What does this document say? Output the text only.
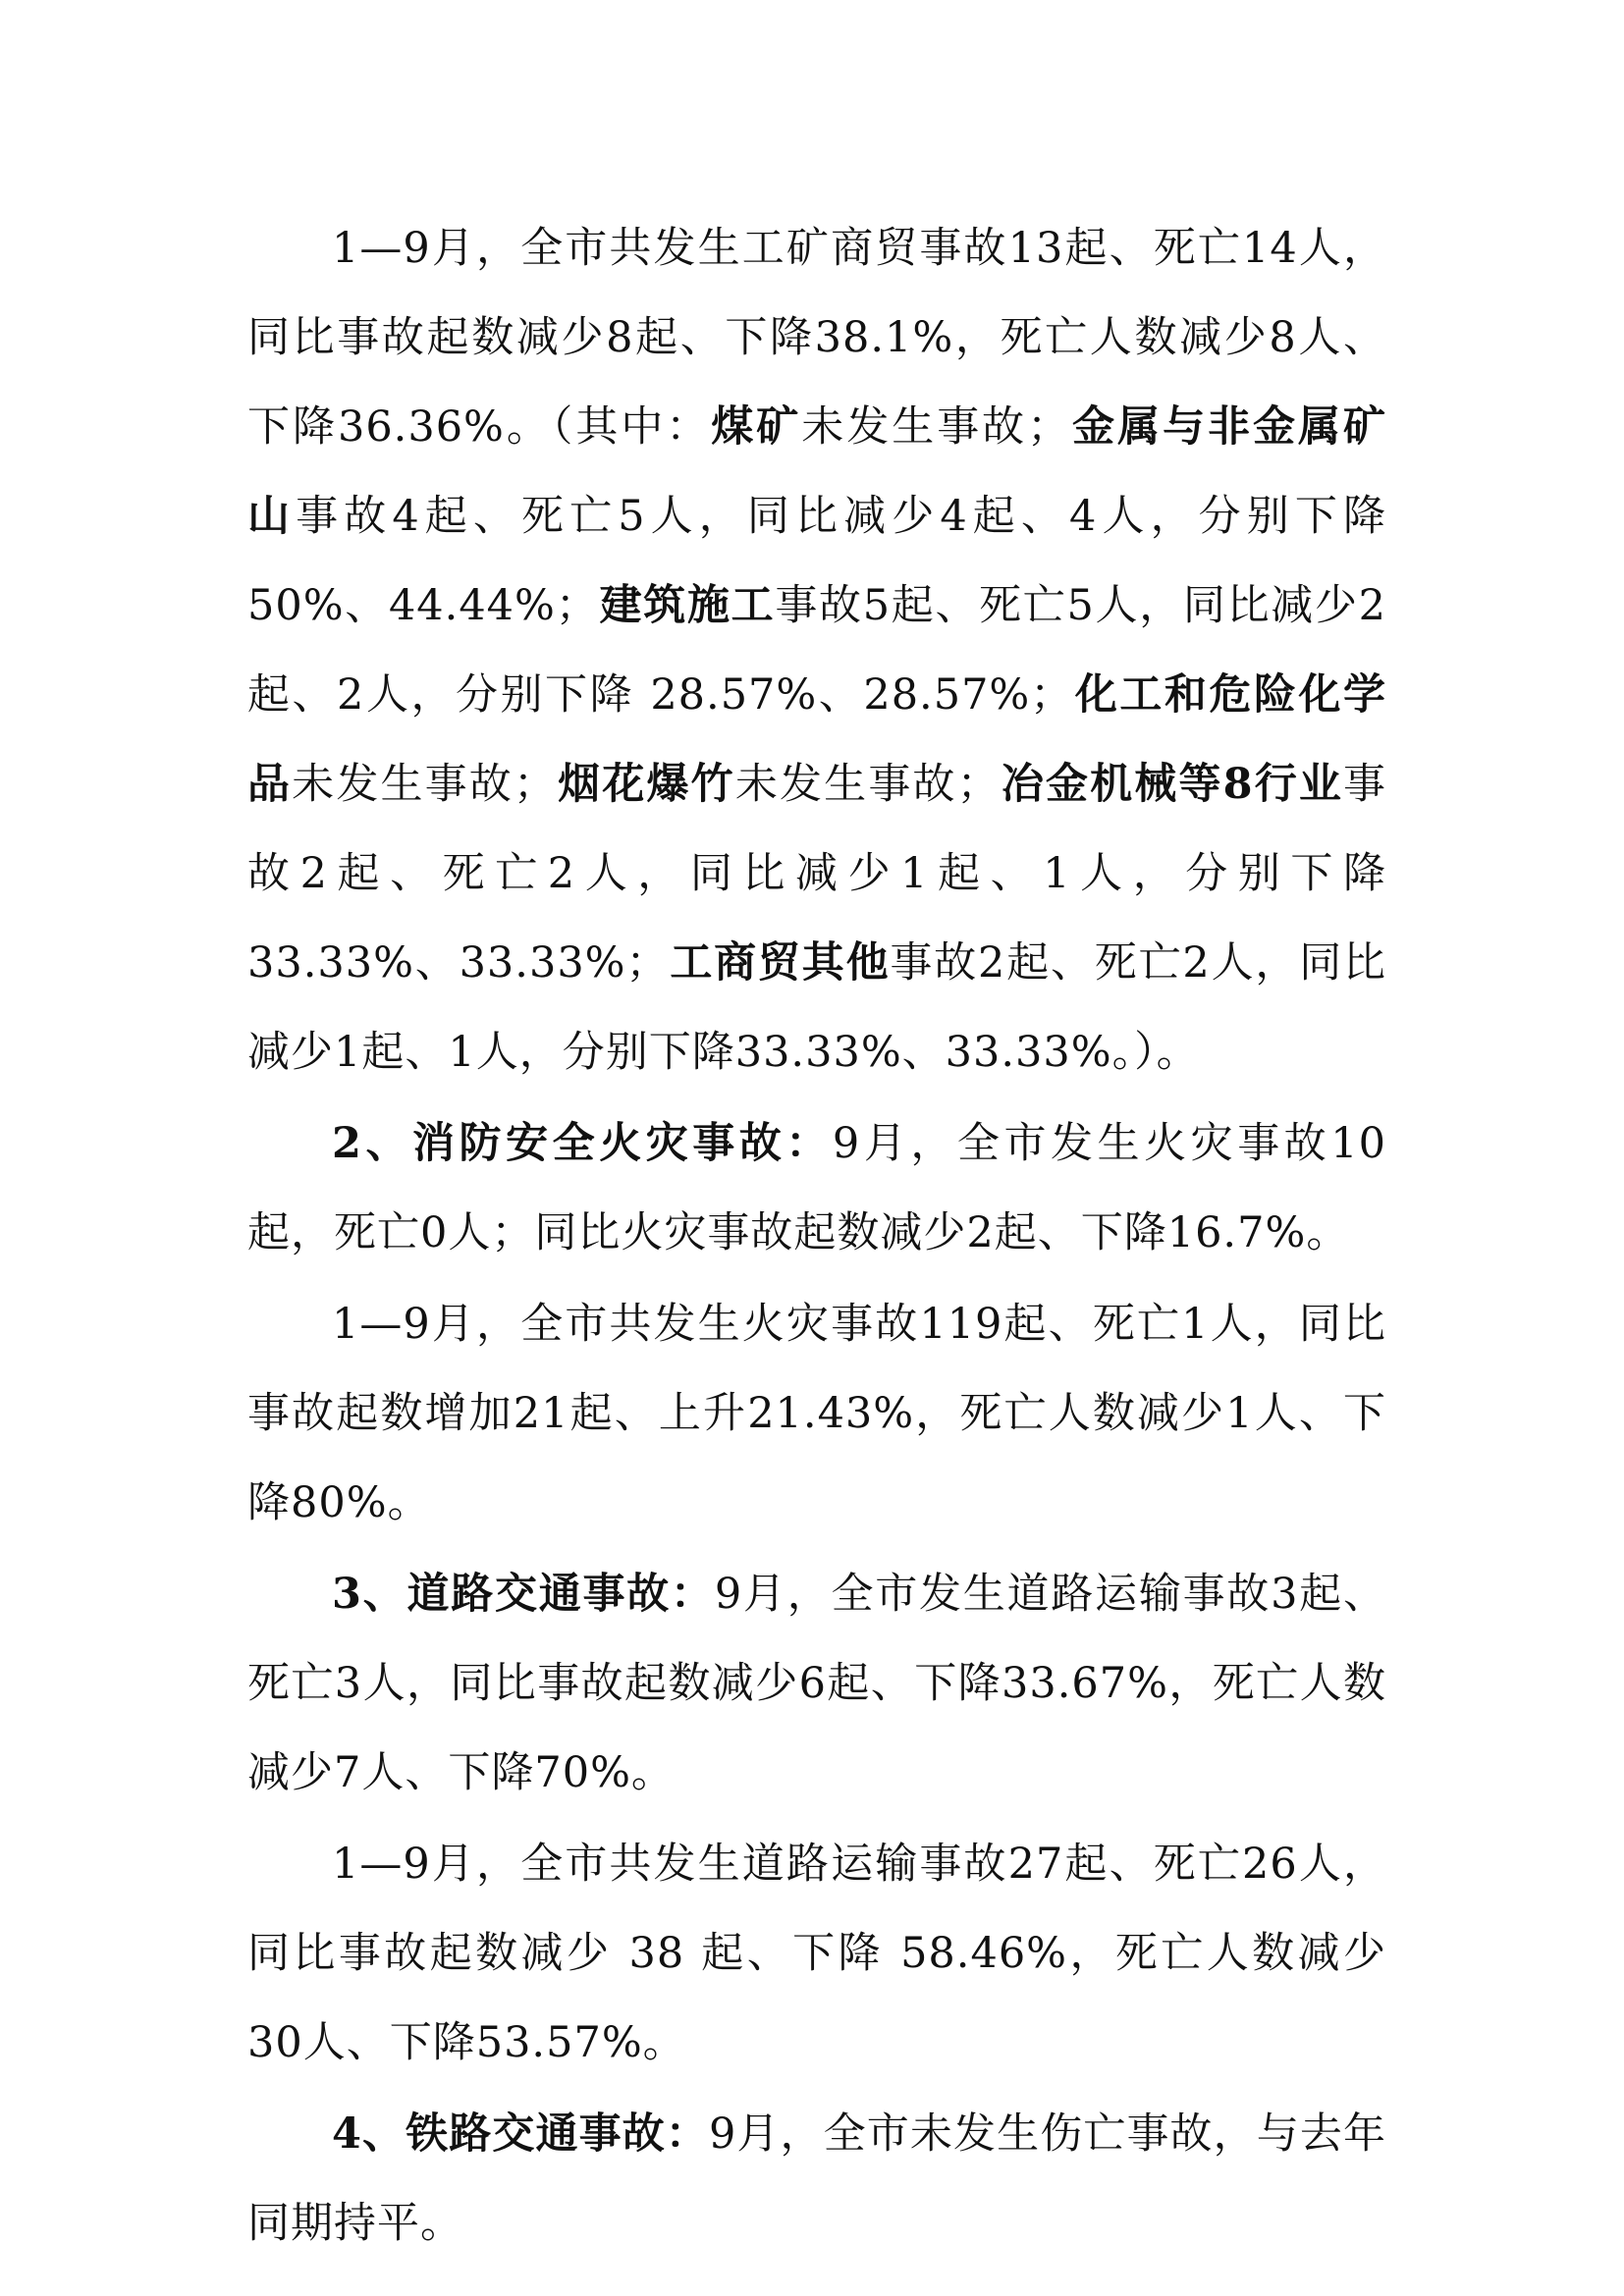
1—9月，全市共发生工矿商贸事故13起、死亡14人，同比事故起数减少8起、下降38.1%，死亡人数减少8人、下降36.36%。（其中：煤矿未发生事故；金属与非金属矿山事故4起、死亡5人，同比减少4起、4人，分别下降50%、44.44%；建筑施工事故5起、死亡5人，同比减少2起、2人，分别下降 28.57%、28.57%；化工和危险化学品未发生事故；烟花爆竹未发生事故；冶金机械等8行业事故2起、死亡2人，同比减少1起、1人，分别下降33.33%、33.33%；工商贸其他事故2起、死亡2人，同比减少1起、1人，分别下降33.33%、33.33%。）。

2、消防安全火灾事故：9月，全市发生火灾事故10起，死亡0人；同比火灾事故起数减少2起、下降16.7%。

1—9月，全市共发生火灾事故119起、死亡1人，同比事故起数增加21起、上升21.43%，死亡人数减少1人、下降80%。

3、道路交通事故：9月，全市发生道路运输事故3起、死亡3人，同比事故起数减少6起、下降33.67%，死亡人数减少7人、下降70%。

1—9月，全市共发生道路运输事故27起、死亡26人，同比事故起数减少 38 起、下降 58.46%，死亡人数减少 30人、下降53.57%。

4、铁路交通事故：9月，全市未发生伤亡事故，与去年同期持平。
